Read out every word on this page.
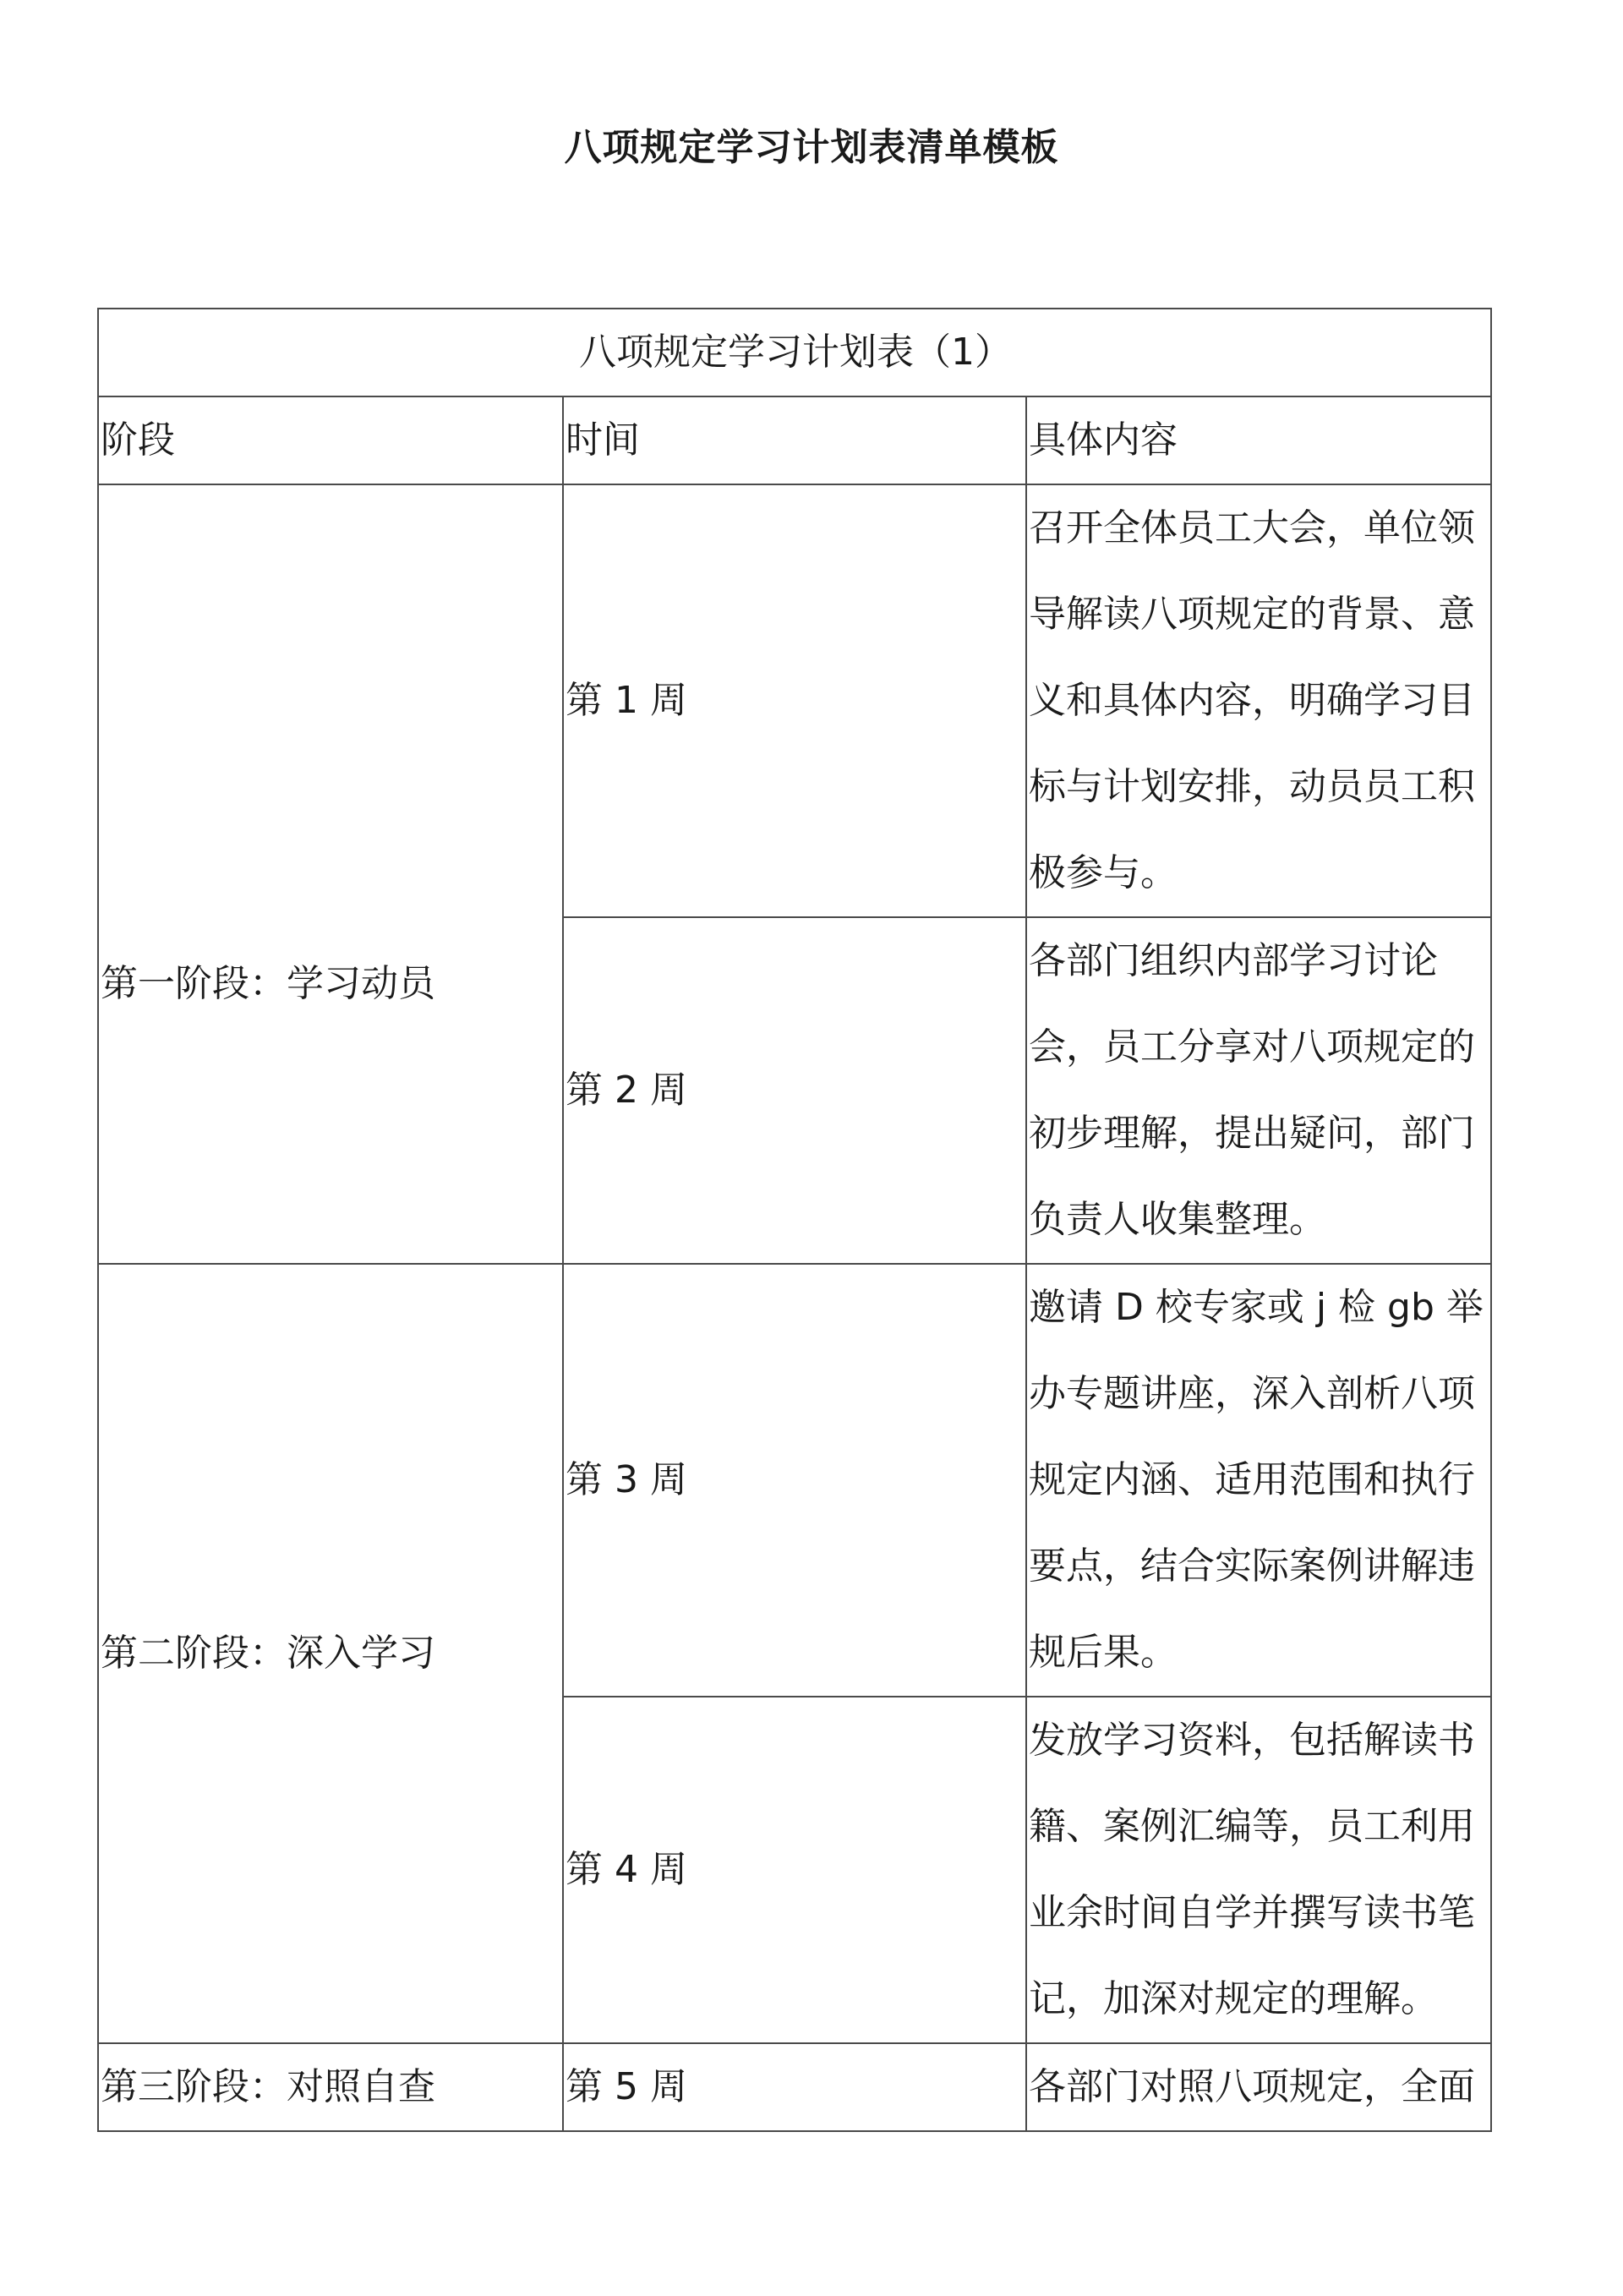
八项规定学习计划表清单模板
八项规定学习计划表（1）		
阶段	时间	具体内容
第一阶段：学习动员	第 1 周	召开全体员工大会，单位领导解读八项规定的背景、意义和具体内容，明确学习目标与计划安排，动员员工积极参与。
	第 2 周	各部门组织内部学习讨论会，员工分享对八项规定的初步理解，提出疑问，部门负责人收集整理。
第二阶段：深入学习	第 3 周	邀请 D 校专家或 j 检 gb 举办专题讲座，深入剖析八项规定内涵、适用范围和执行要点，结合实际案例讲解违规后果。
	第 4 周	发放学习资料，包括解读书籍、案例汇编等，员工利用业余时间自学并撰写读书笔记，加深对规定的理解。
第三阶段：对照自查	第 5 周	各部门对照八项规定，全面
